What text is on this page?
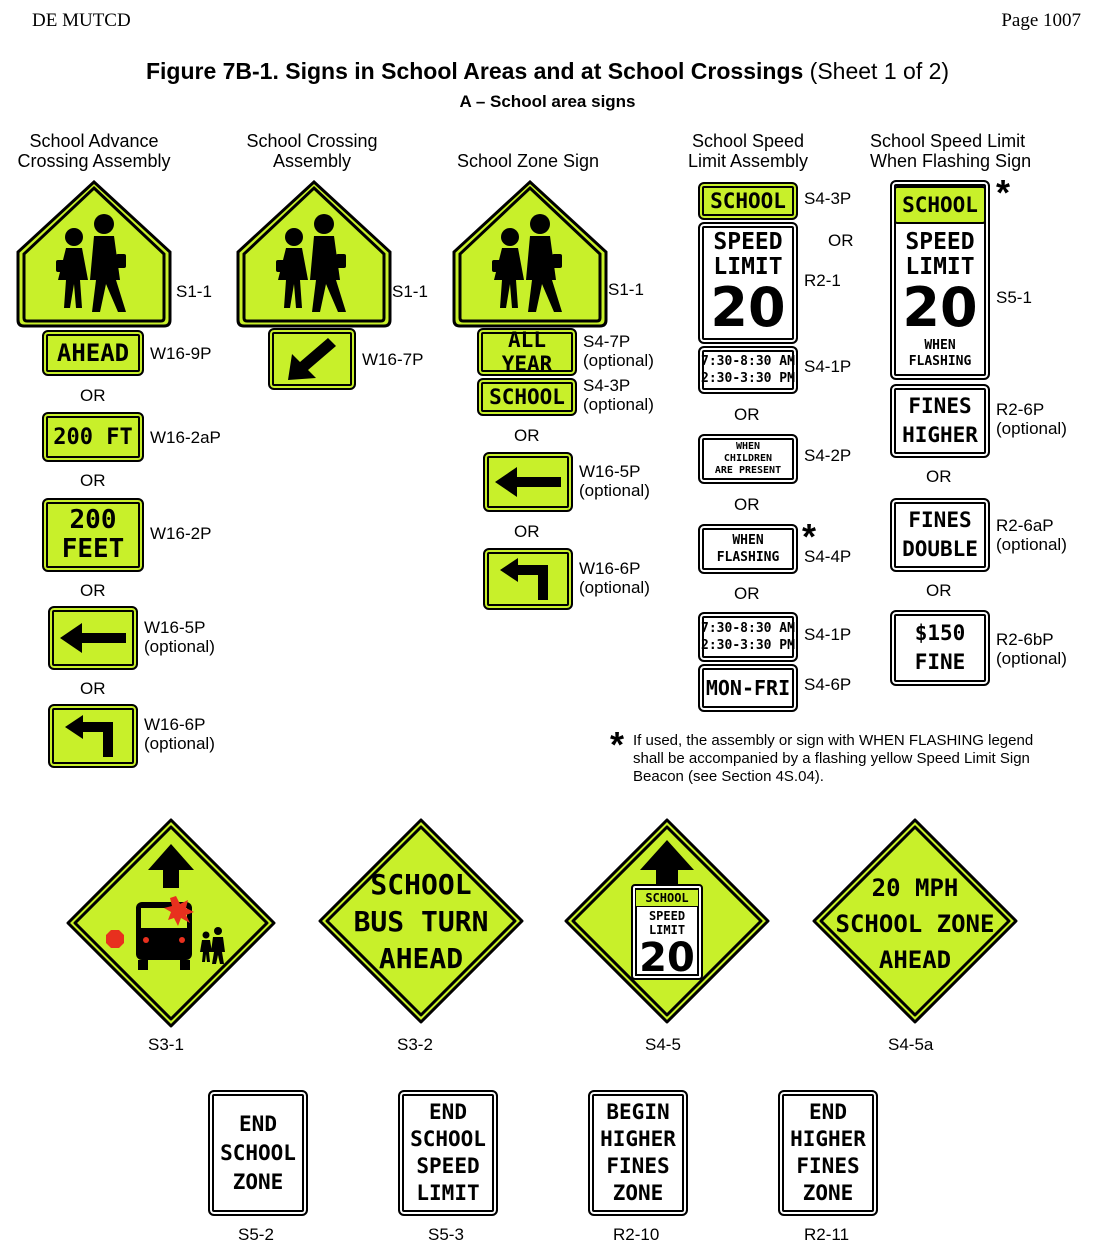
DE MUTCD	Page 1007
Figure 7B-1. Signs in School Areas and at School Crossings (Sheet 1 of 2)
A – School area signs
School Advance
Crossing Assembly
School Crossing
Assembly	School Zone Sign
School Speed
Limit Assembly
School Speed Limit
When Flashing Sign
S1-1
AHEAD W16-9P
OR
200 FT W16-2aP
OR
200
FEET
W16-2P
OR
W16-5P
(optional)
OR
W16-6P
(optional)
S1-1
W16-7P
S1-1
ALL YEAR
S4-7P
(optional)
SCHOOL S4-3P
(optional)
OR
W16-5P
(optional)
OR
W16-6P
(optional)
SCHOOL S4-3P
OR
SPEED
LIMIT
20 R2-1
7:30-8:30 AM
2:30-3:30 PM
S4-1P
OR
WHEN
CHILDREN
ARE PRESENT
S4-2P
OR
WHEN
FLASHING
*
S4-4P
OR
7:30-8:30 AM
2:30-3:30 PM
S4-1P
MON-FRI S4-6P
*
SCHOOL
SPEED
LIMIT
20
WHEN
FLASHING
S5-1
FINES
HIGHER
R2-6P
(optional)
OR
FINES
DOUBLE
R2-6aP
(optional)
OR
$150
FINE
R2-6bP
(optional)
* If used, the assembly or sign with WHEN FLASHING legend
shall be accompanied by a flashing yellow Speed Limit Sign
Beacon (see Section 4S.04).
S3-1
SCHOOL
BUS TURN
AHEAD
S3-2
SCHOOL
SPEED
LIMIT
20
S4-5
20 MPH
SCHOOL ZONE
AHEAD
S4-5a
END
SCHOOL
ZONE
S5-2
END
SCHOOL
SPEED
LIMIT
S5-3
BEGIN
HIGHER
FINES
ZONE
R2-10
END
HIGHER
FINES
ZONE
R2-11
